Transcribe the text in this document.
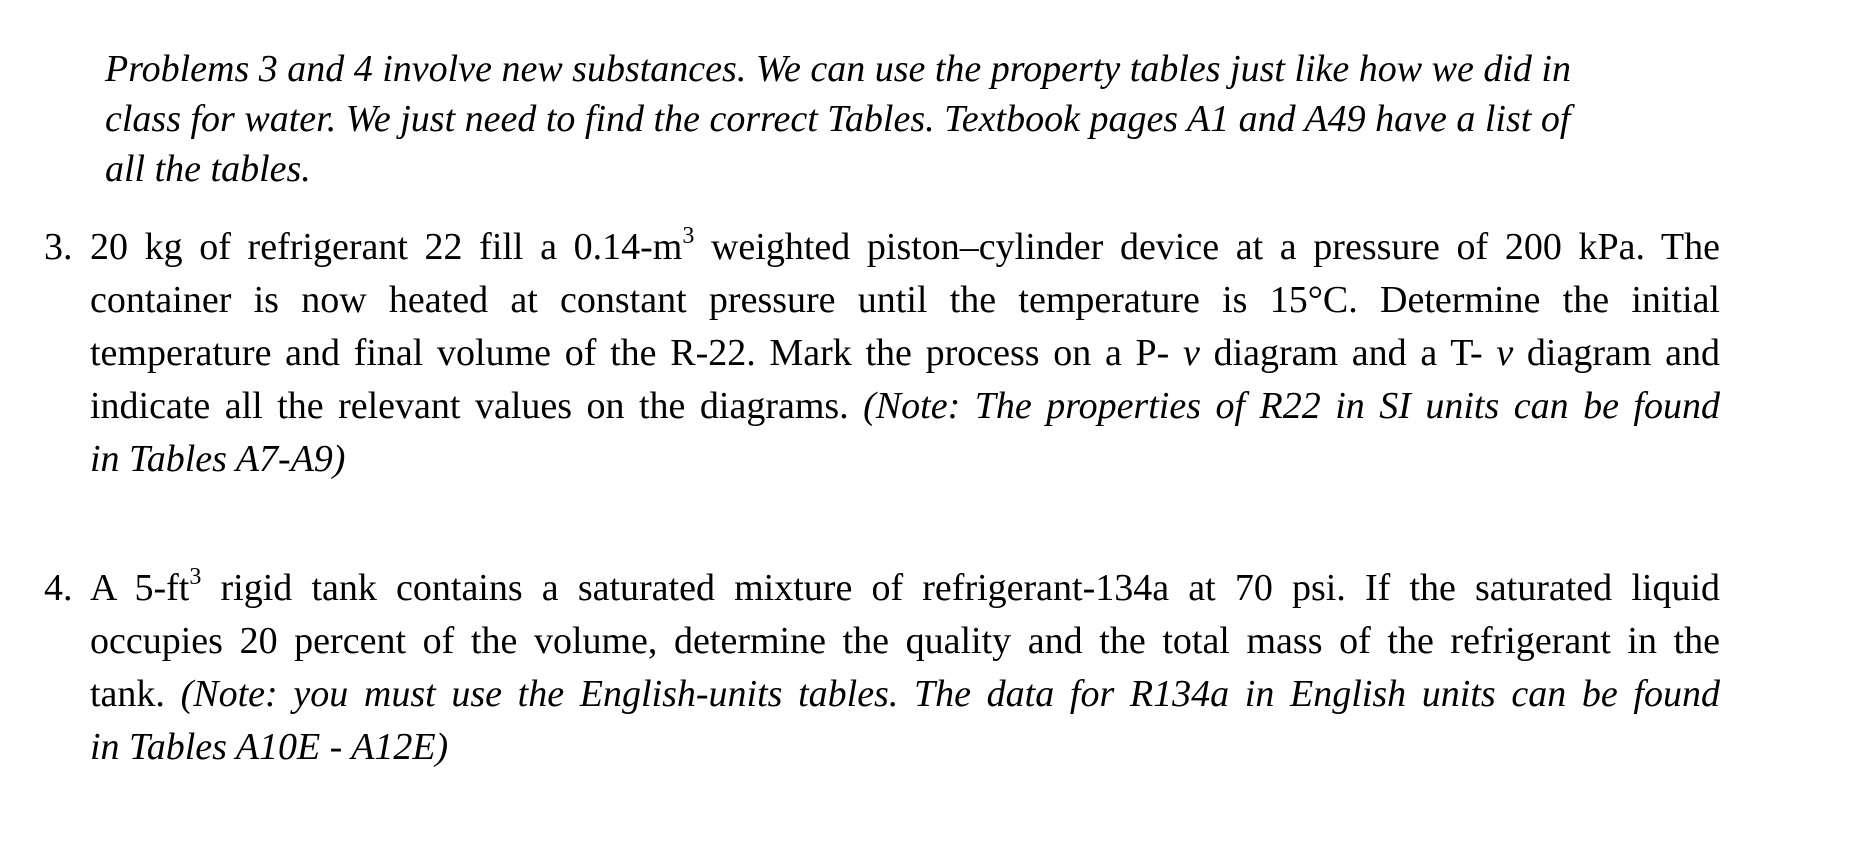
Problems 3 and 4 involve new substances. We can use the property tables just like how we did in
class for water. We just need to find the correct Tables. Textbook pages A1 and A49 have a list of
all the tables.
3. 20 kg of refrigerant 22 fill a $0.14-m^3$ weighted piston–cylinder device at a pressure of 200 kPa. The
container is now heated at constant pressure until the temperature is 15°C. Determine the initial
temperature and final volume of the R-22. Mark the process on a P- v diagram and a T- v diagram and
indicate all the relevant values on the diagrams. (Note: The properties of R22 in SI units can be found
in Tables A7-A9)
4. A $5-ft^3$ rigid tank contains a saturated mixture of refrigerant-134a at 70 psi. If the saturated liquid
occupies 20 percent of the volume, determine the quality and the total mass of the refrigerant in the
tank. (Note: you must use the English-units tables. The data for R134a in English units can be found
in Tables A10E - A12E)
